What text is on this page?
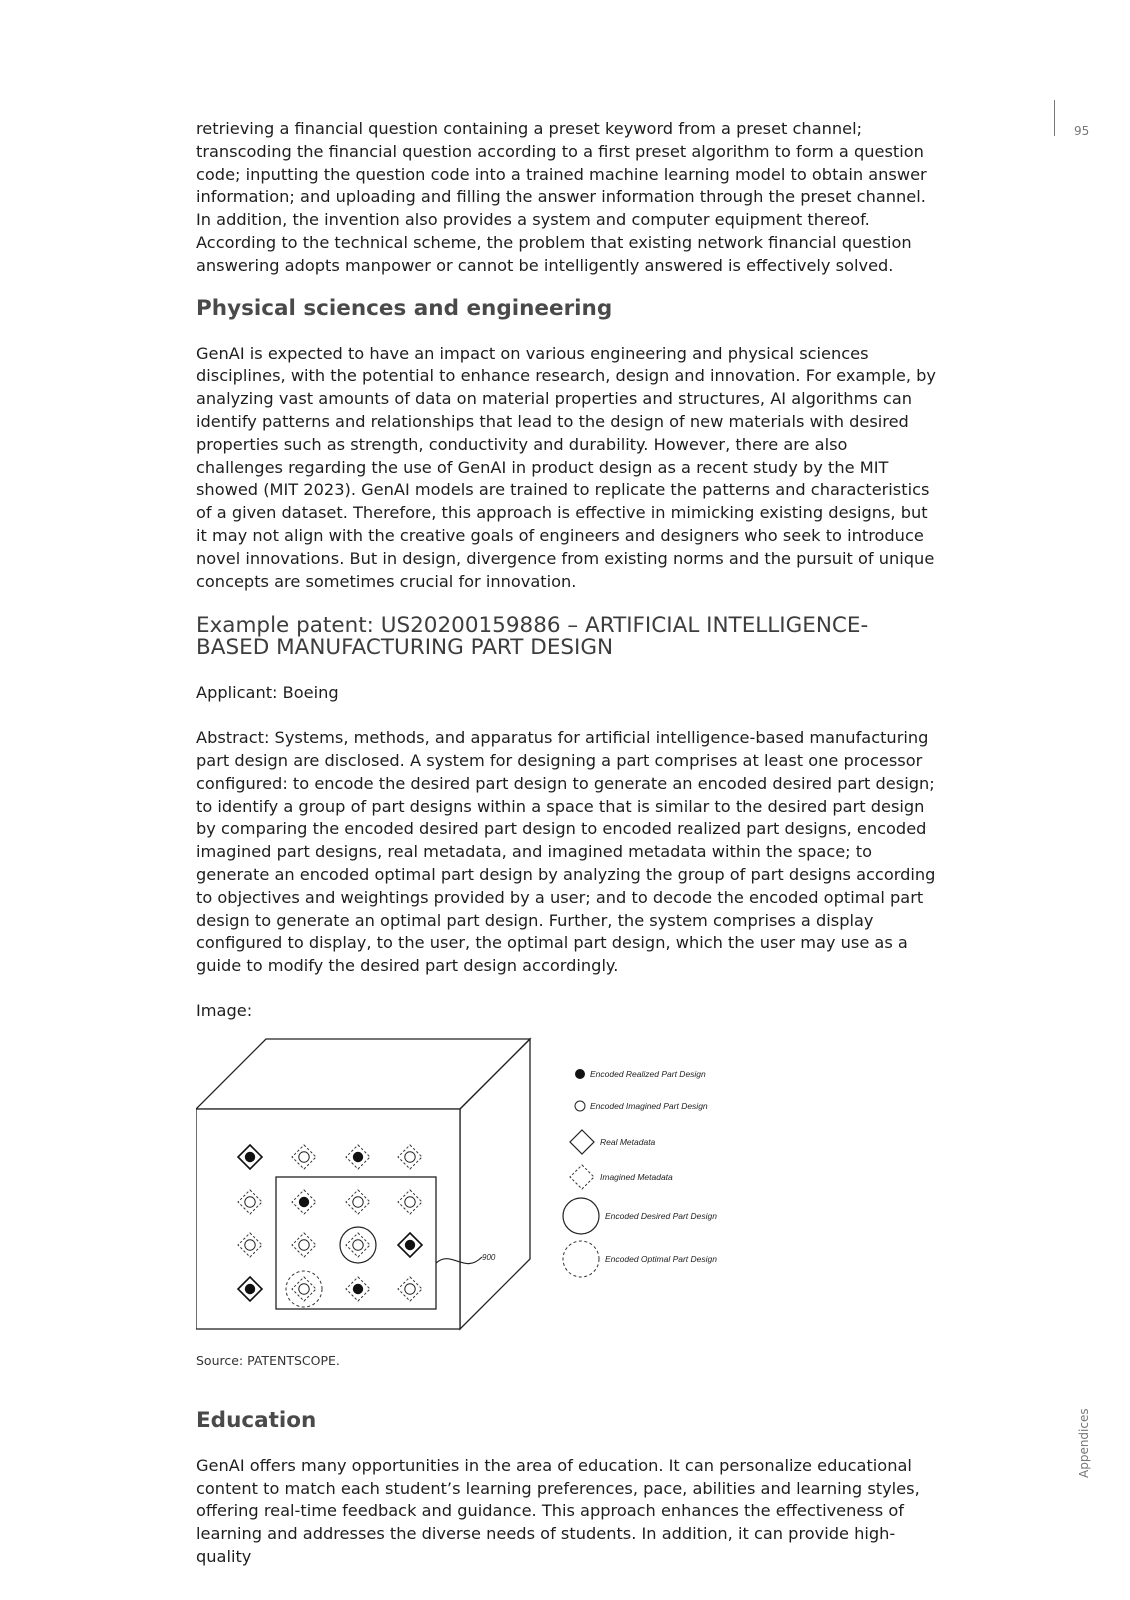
95
Appendices

retrieving a financial question containing a preset keyword from a preset channel; transcoding the financial question according to a first preset algorithm to form a question code; inputting the question code into a trained machine learning model to obtain answer information; and uploading and filling the answer information through the preset channel. In addition, the invention also provides a system and computer equipment thereof. According to the technical scheme, the problem that existing network financial question answering adopts manpower or cannot be intelligently answered is effectively solved.

Physical sciences and engineering

GenAI is expected to have an impact on various engineering and physical sciences disciplines, with the potential to enhance research, design and innovation. For example, by analyzing vast amounts of data on material properties and structures, AI algorithms can identify patterns and relationships that lead to the design of new materials with desired properties such as strength, conductivity and durability. However, there are also challenges regarding the use of GenAI in product design as a recent study by the MIT showed (MIT 2023). GenAI models are trained to replicate the patterns and characteristics of a given dataset. Therefore, this approach is effective in mimicking existing designs, but it may not align with the creative goals of engineers and designers who seek to introduce novel innovations. But in design, divergence from existing norms and the pursuit of unique concepts are sometimes crucial for innovation.

Example patent: US20200159886 – ARTIFICIAL INTELLIGENCE-BASED MANUFACTURING PART DESIGN

Applicant: Boeing

Abstract: Systems, methods, and apparatus for artificial intelligence-based manufacturing part design are disclosed. A system for designing a part comprises at least one processor configured: to encode the desired part design to generate an encoded desired part design; to identify a group of part designs within a space that is similar to the desired part design by comparing the encoded desired part design to encoded realized part designs, encoded imagined part designs, real metadata, and imagined metadata within the space; to generate an encoded optimal part design by analyzing the group of part designs according to objectives and weightings provided by a user; and to decode the encoded optimal part design to generate an optimal part design. Further, the system comprises a display configured to display, to the user, the optimal part design, which the user may use as a guide to modify the desired part design accordingly.

Image:

900
Encoded Realized Part Design
Encoded Imagined Part Design
Real Metadata
Imagined Metadata
Encoded Desired Part Design
Encoded Optimal Part Design

Source: PATENTSCOPE.

Education

GenAI offers many opportunities in the area of education. It can personalize educational content to match each student’s learning preferences, pace, abilities and learning styles, offering real-time feedback and guidance. This approach enhances the effectiveness of learning and addresses the diverse needs of students. In addition, it can provide high-quality
